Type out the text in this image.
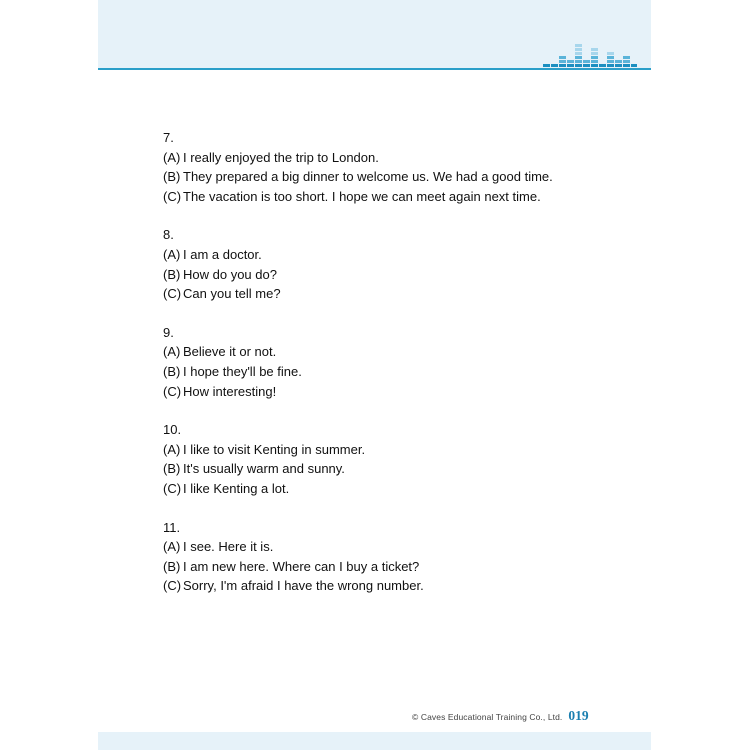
7.
(A) I really enjoyed the trip to London.
(B) They prepared a big dinner to welcome us. We had a good time.
(C) The vacation is too short. I hope we can meet again next time.
8.
(A) I am a doctor.
(B) How do you do?
(C) Can you tell me?
9.
(A) Believe it or not.
(B) I hope they'll be fine.
(C) How interesting!
10.
(A) I like to visit Kenting in summer.
(B) It's usually warm and sunny.
(C) I like Kenting a lot.
11.
(A) I see. Here it is.
(B) I am new here. Where can I buy a ticket?
(C) Sorry, I'm afraid I have the wrong number.
© Caves Educational Training Co., Ltd. 019
